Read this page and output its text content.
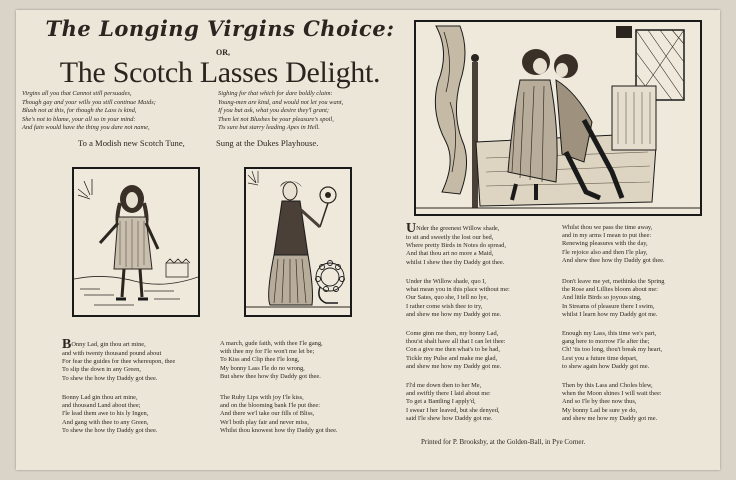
The Longing Virgins Choice:
OR,
The Scotch Lasses Delight.
Virgins all you that Cannot still persuades,
Though gay and your wills you still continue Maids;
Blush not at this, for though the Lass is kind,
She's not to blame, your all so in your mind:
And fain would have the thing you dare not name,
Sighing for that which for dare boldly claim:
Young-men are kind, and would not let you want,
If you but ask, what you desire they'l grant;
Then let not Blushes be your pleasure's spoil,
Tis sure but starry leading Apes in Hell.
To a Modish new Scotch Tune,	Sung at the Dukes Playhouse.
BOnny Lad, gin thou art mine,
and with twenty thousand pound about
For fear the guides for thee whereupon, thee
To slip the down in any Green,
To shew the how thy Daddy got thee.
Bonny Lad gin thou art mine,
and thousand Land about thee;
I'le lead them awe to his ly Ingen,
And gang with thee to any Green,
To shew the how thy Daddy got thee.
A march, gude faith, with thee I'le gang,
with thee my for I'le won't me let be;
To Kiss and Clip thee I'le long,
My bonny Lass I'le do no wrong,
But shew thee how thy Daddy got thee.
The Ruby Lips with joy I'le kiss,
and on the blooming bank I'le put thee:
And there we'l take our fills of Bliss,
We'l both play fair and never miss,
Whilst thou knowest how thy Daddy got thee.
UNder the greenest Willow shade,
to sit and sweetly the lost our bed,
Where pretty Birds in Notes do spread,
And that thou art no more a Maid,
whilst I shew thee thy Daddy got thee.
Under the Willow shade, quo I,
what mean you in this place without me:
Our Sates, quo she, I tell no lye,
I rather come wish thee to try,
and shew me how my Daddy got me.
Come ginn me then, my bonny Lad,
thou'st shalt have all that I can let thee:
Con a give me then what's to be had,
Tickle my Pulse and make me glad,
and shew me how my Daddy got me.
I'l'd me down then to her Me,
and swiftly there I laid about me:
To get a Bantling I apply'd,
I swear I her leaved, but she denyed,
said I'le shew how Daddy got me.
Whilst thou we pass the time away,
and in my arms I mean to put thee:
Renewing pleasures with the day,
I'le rejoice also and then I'le play,
And shew thee how thy Daddy got thee.
Don't leave me yet, methinks the Spring
the Rose and Lillies bloom about me:
And little Birds so joyous sing,
In Streams of pleasure there I swim,
whilst I learn how my Daddy got me.
Enough my Lass, this time we's part,
gang here to morrow I'le after the;
Ch! 'tis too long, thou't break my heart,
Lest you a future time depart,
to shew again how Daddy got me.
Then by this Lass and Choles blew,
when the Moon shines I will wait thee:
And so I'le by thee now thus,
My bonny Lad be sure ye do,
and shew me how my Daddy got me.
Printed for P. Brooksby, at the Golden-Ball, in Pye Corner.
